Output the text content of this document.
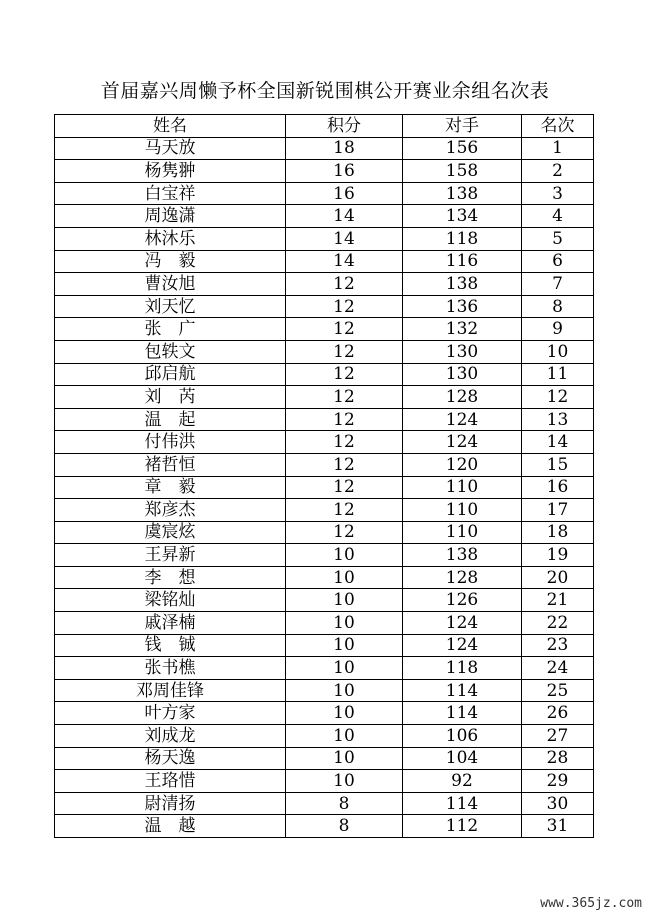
首届嘉兴周懒予杯全国新锐围棋公开赛业余组名次表
姓名	积分	对手	名次
马天放	18	156	1
杨隽翀	16	158	2
白宝祥	16	138	3
周逸潇	14	134	4
林沐乐	14	118	5
冯　毅	14	116	6
曹汝旭	12	138	7
刘天忆	12	136	8
张　广	12	132	9
包轶文	12	130	10
邱启航	12	130	11
刘　芮	12	128	12
温　起	12	124	13
付伟洪	12	124	14
褚哲恒	12	120	15
章　毅	12	110	16
郑彦杰	12	110	17
虞宸炫	12	110	18
王昇新	10	138	19
李　想	10	128	20
梁铭灿	10	126	21
戚泽楠	10	124	22
钱　铖	10	124	23
张书樵	10	118	24
邓周佳锋	10	114	25
叶方家	10	114	26
刘成龙	10	106	27
杨天逸	10	104	28
王珞惜	10	92	29
尉清扬	8	114	30
温　越	8	112	31
www.365jz.com
